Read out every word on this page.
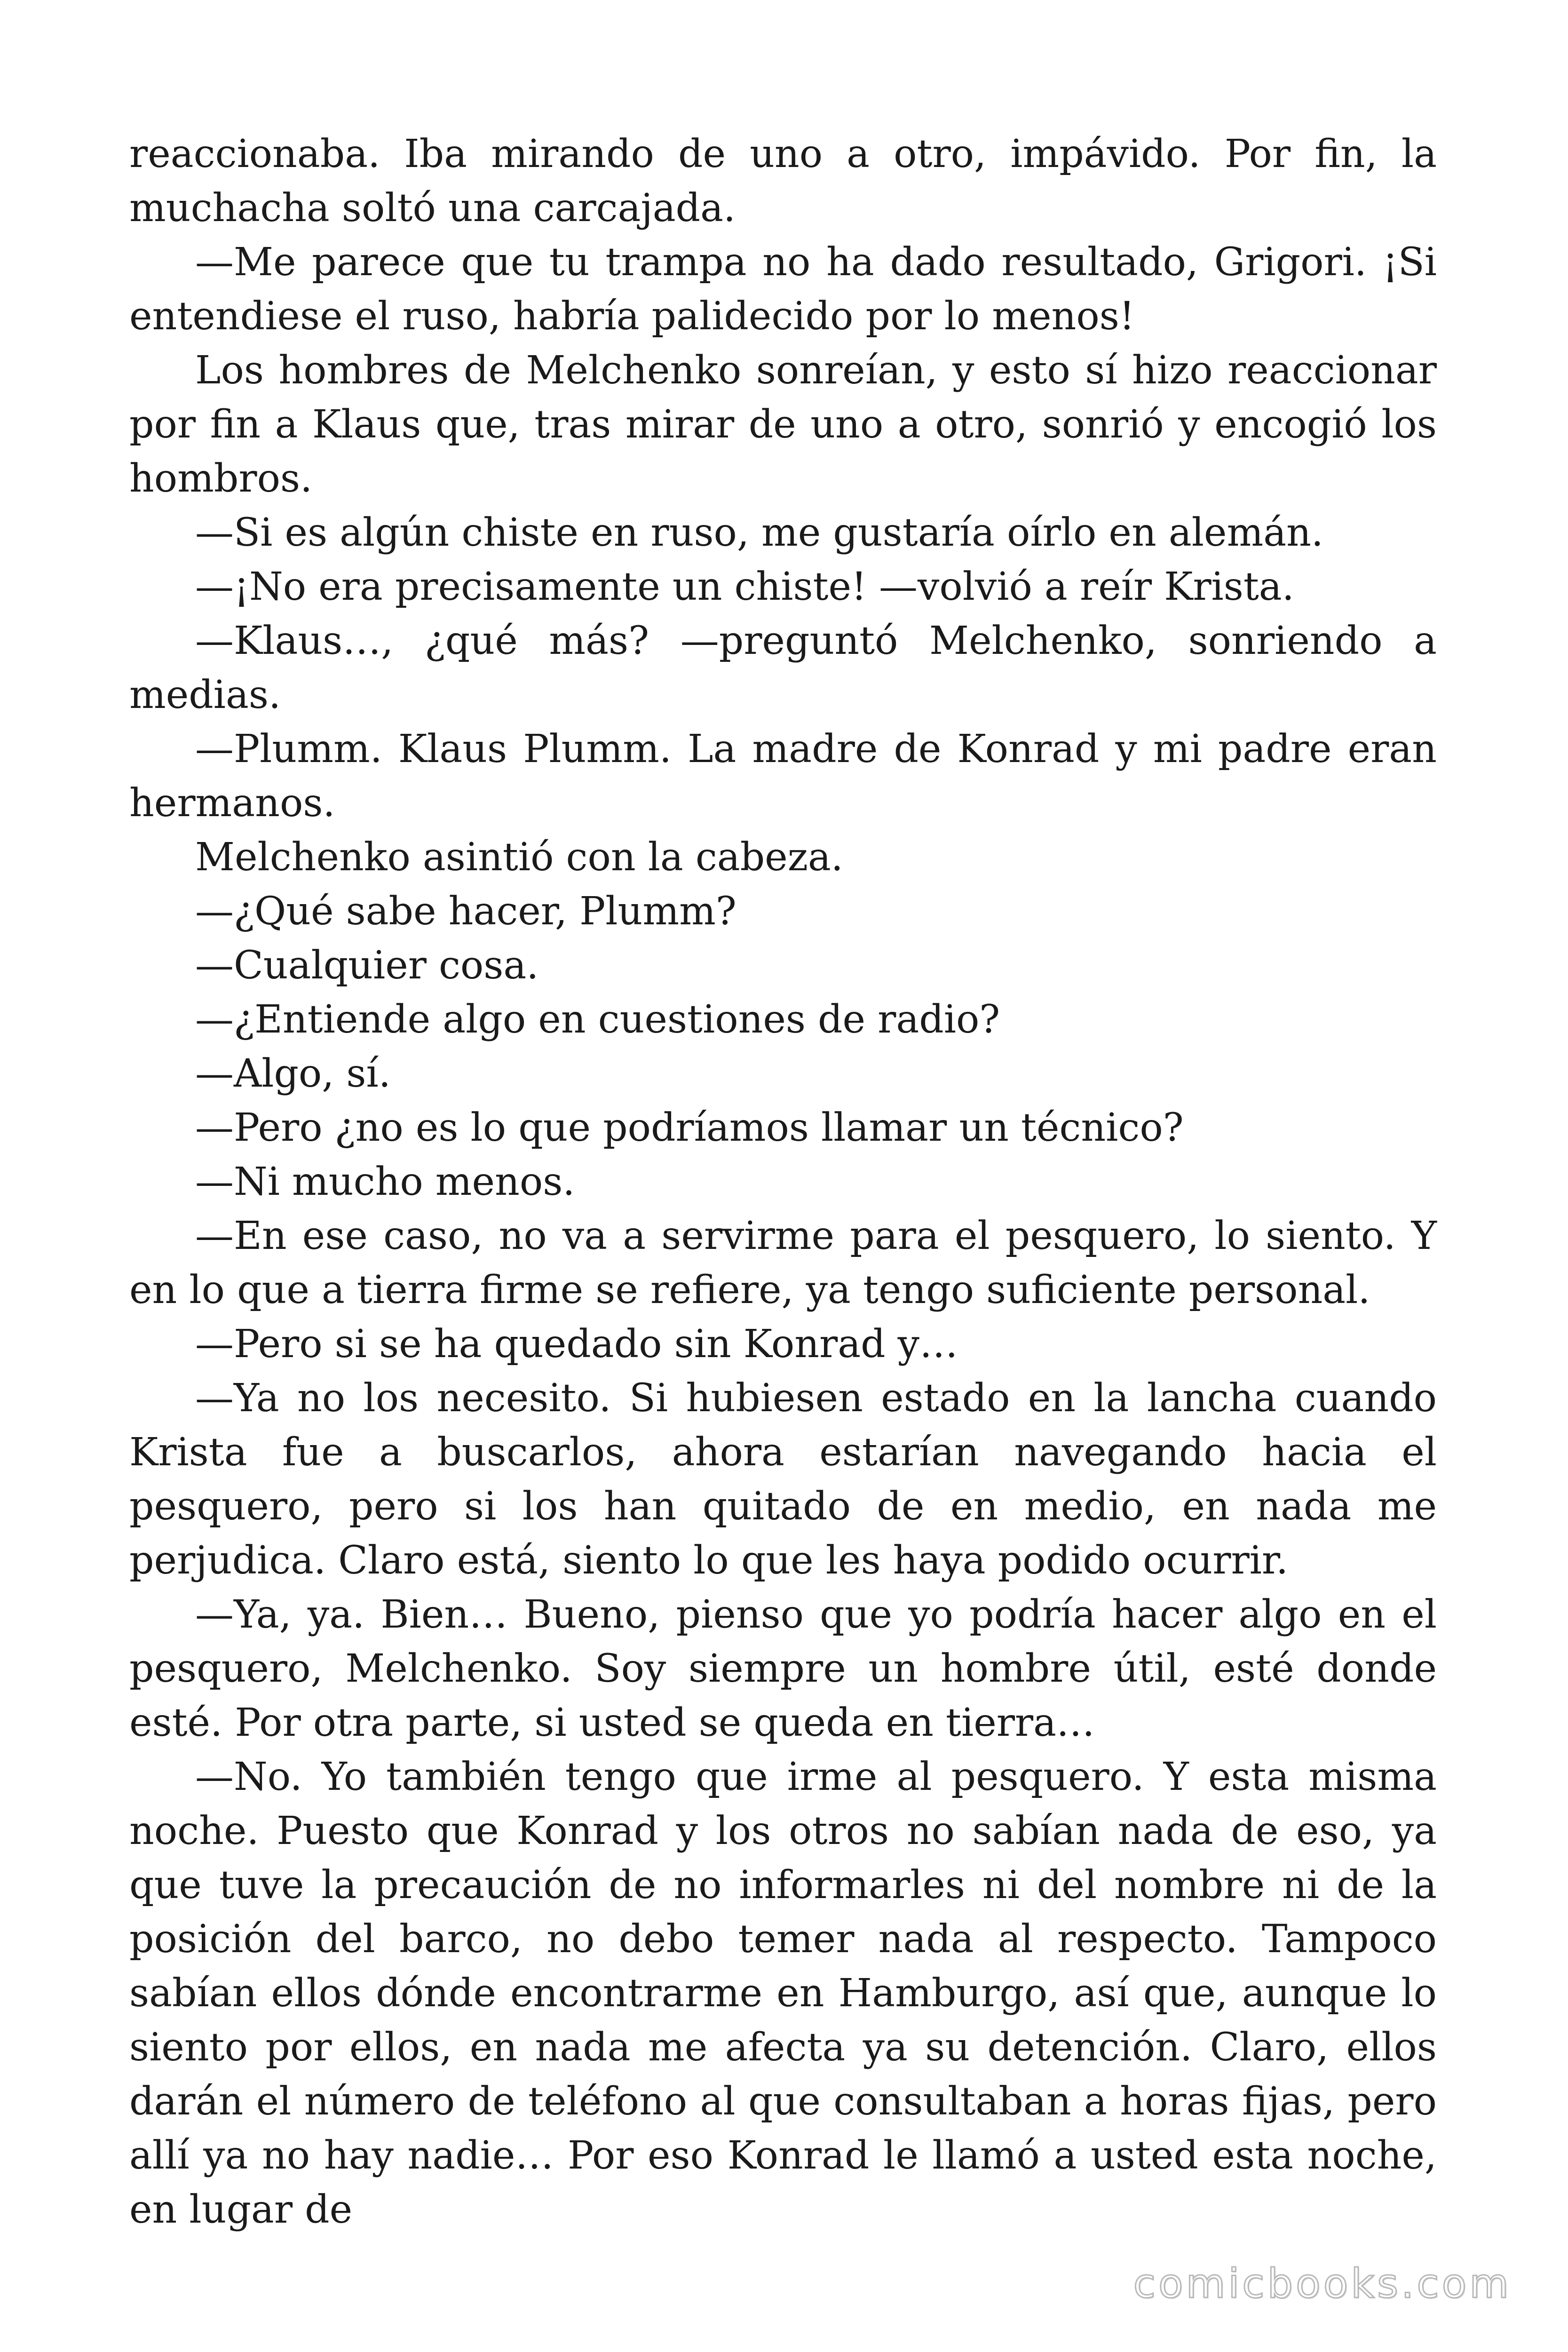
reaccionaba. Iba mirando de uno a otro, impávido. Por fin, la muchacha soltó una carcajada.

—Me parece que tu trampa no ha dado resultado, Grigori. ¡Si entendiese el ruso, habría palidecido por lo menos!

Los hombres de Melchenko sonreían, y esto sí hizo reaccionar por fin a Klaus que, tras mirar de uno a otro, sonrió y encogió los hombros.

—Si es algún chiste en ruso, me gustaría oírlo en alemán.

—¡No era precisamente un chiste! —volvió a reír Krista.

—Klaus…, ¿qué más? —preguntó Melchenko, sonriendo a medias.

—Plumm. Klaus Plumm. La madre de Konrad y mi padre eran hermanos.

Melchenko asintió con la cabeza.

—¿Qué sabe hacer, Plumm?

—Cualquier cosa.

—¿Entiende algo en cuestiones de radio?

—Algo, sí.

—Pero ¿no es lo que podríamos llamar un técnico?

—Ni mucho menos.

—En ese caso, no va a servirme para el pesquero, lo siento. Y en lo que a tierra firme se refiere, ya tengo suficiente personal.

—Pero si se ha quedado sin Konrad y…

—Ya no los necesito. Si hubiesen estado en la lancha cuando Krista fue a buscarlos, ahora estarían navegando hacia el pesquero, pero si los han quitado de en medio, en nada me perjudica. Claro está, siento lo que les haya podido ocurrir.

—Ya, ya. Bien… Bueno, pienso que yo podría hacer algo en el pesquero, Melchenko. Soy siempre un hombre útil, esté donde esté. Por otra parte, si usted se queda en tierra…

—No. Yo también tengo que irme al pesquero. Y esta misma noche. Puesto que Konrad y los otros no sabían nada de eso, ya que tuve la precaución de no informarles ni del nombre ni de la posición del barco, no debo temer nada al respecto. Tampoco sabían ellos dónde encontrarme en Hamburgo, así que, aunque lo siento por ellos, en nada me afecta ya su detención. Claro, ellos darán el número de teléfono al que consultaban a horas fijas, pero allí ya no hay nadie… Por eso Konrad le llamó a usted esta noche, en lugar de

comicbooks.com
